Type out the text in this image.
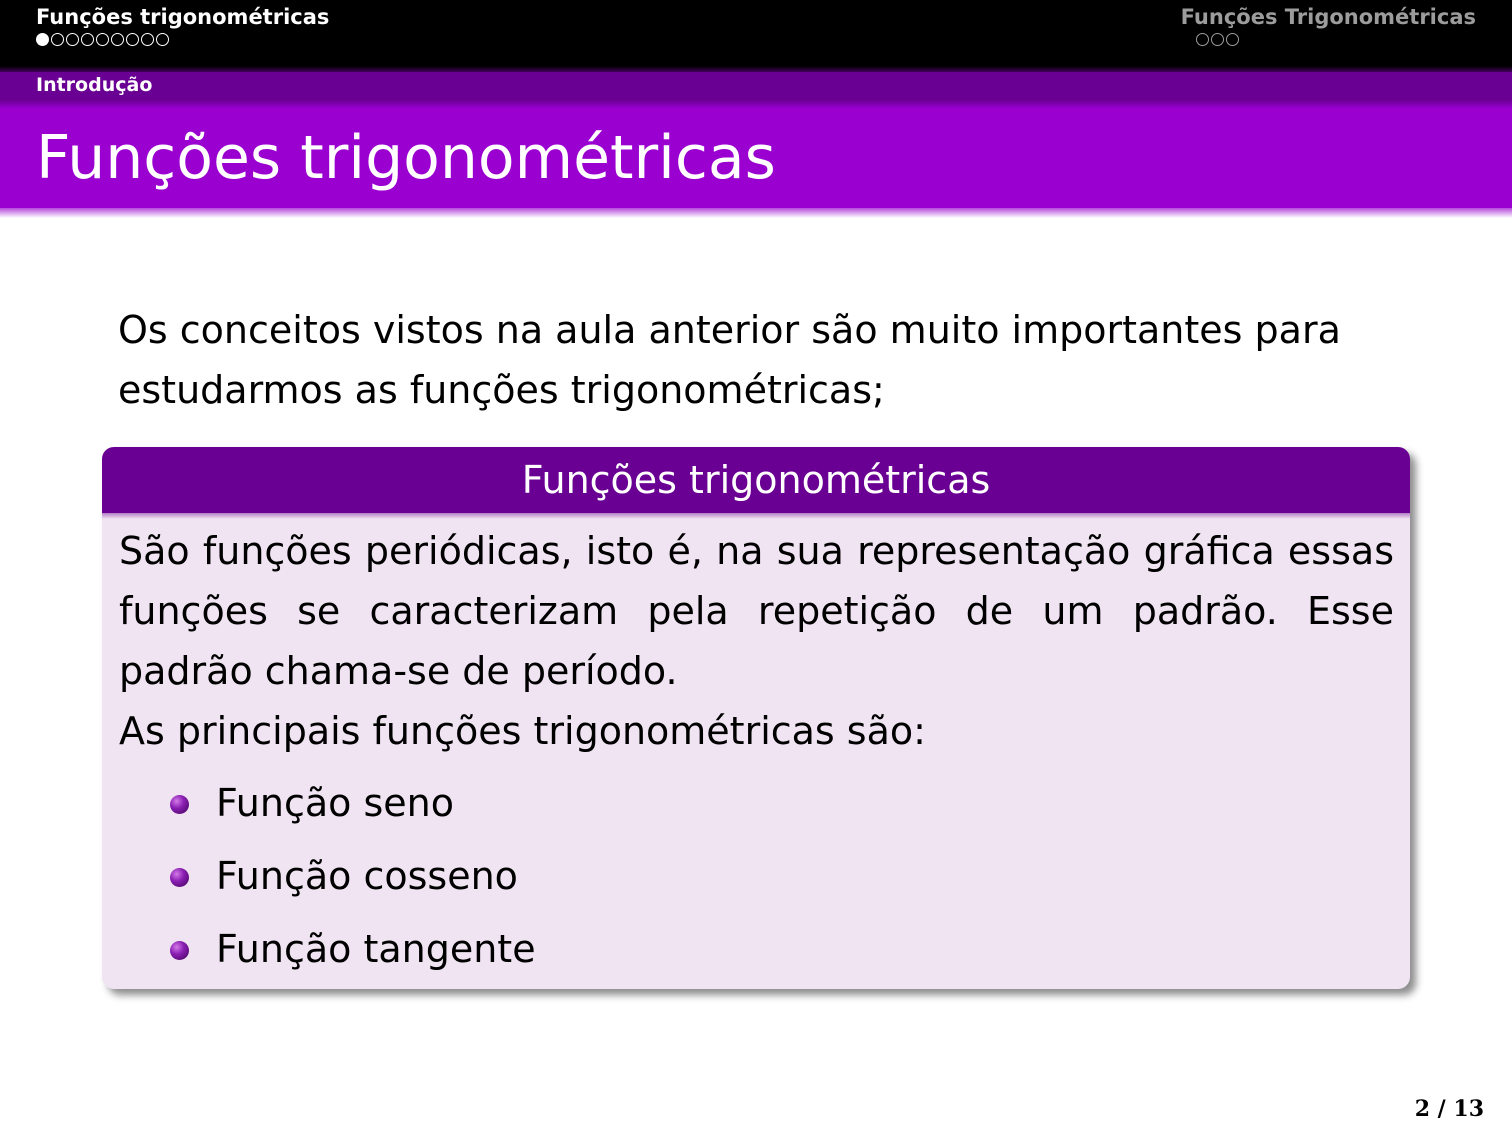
Funções trigonométricas	Funções Trigonométricas
Introdução
Funções trigonométricas
Os conceitos vistos na aula anterior são muito importantes para estudarmos as funções trigonométricas;
Funções trigonométricas
São funções periódicas, isto é, na sua representação gráfica essas funções se caracterizam pela repetição de um padrão. Esse padrão chama-se de período.
As principais funções trigonométricas são:
Função seno
Função cosseno
Função tangente
2 / 13
